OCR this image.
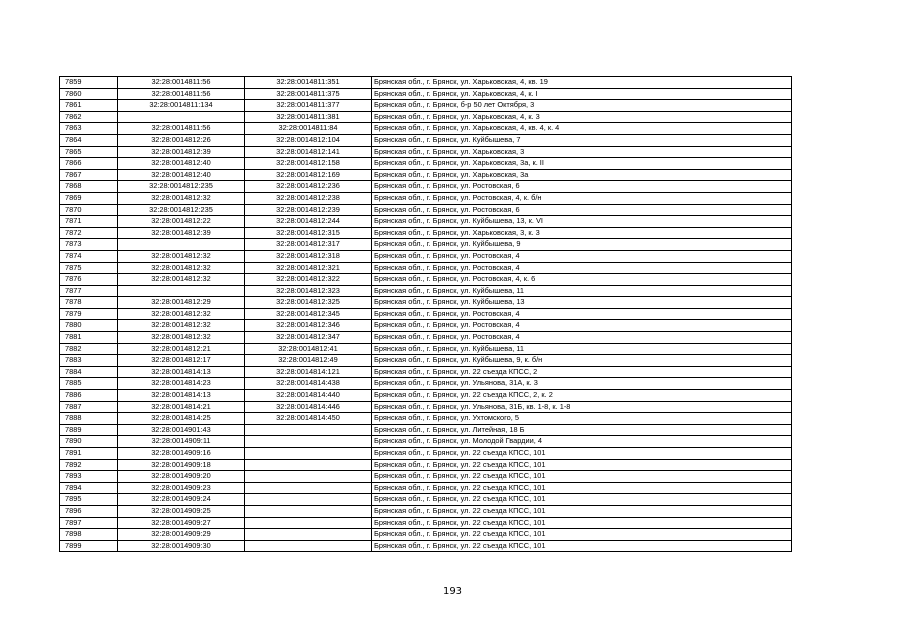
7859	32:28:0014811:56	32:28:0014811:351	Брянская обл., г. Брянск, ул. Харьковская, 4, кв. 19
7860	32:28:0014811:56	32:28:0014811:375	Брянская обл., г. Брянск, ул. Харьковская, 4, к. I
7861	32:28:0014811:134	32:28:0014811:377	Брянская обл., г. Брянск, б-р 50 лет Октября, 3
7862		32:28:0014811:381	Брянская обл., г. Брянск, ул. Харьковская, 4, к. 3
7863	32:28:0014811:56	32:28:0014811:84	Брянская обл., г. Брянск, ул. Харьковская, 4, кв. 4, к. 4
7864	32:28:0014812:26	32:28:0014812:104	Брянская обл., г. Брянск, ул. Куйбышева, 7
7865	32:28:0014812:39	32:28:0014812:141	Брянская обл., г. Брянск, ул. Харьковская, 3
7866	32:28:0014812:40	32:28:0014812:158	Брянская обл., г. Брянск, ул. Харьковская, 3а, к. II
7867	32:28:0014812:40	32:28:0014812:169	Брянская обл., г. Брянск, ул. Харьковская, 3а
7868	32:28:0014812:235	32:28:0014812:236	Брянская обл., г. Брянск, ул. Ростовская, 6
7869	32:28:0014812:32	32:28:0014812:238	Брянская обл., г. Брянск, ул. Ростовская, 4, к. б/н
7870	32:28:0014812:235	32:28:0014812:239	Брянская обл., г. Брянск, ул. Ростовская, 6
7871	32:28:0014812:22	32:28:0014812:244	Брянская обл., г. Брянск, ул. Куйбышева, 13, к. VI
7872	32:28:0014812:39	32:28:0014812:315	Брянская обл., г. Брянск, ул. Харьковская, 3, к. 3
7873		32:28:0014812:317	Брянская обл., г. Брянск, ул. Куйбышева, 9
7874	32:28:0014812:32	32:28:0014812:318	Брянская обл., г. Брянск, ул. Ростовская, 4
7875	32:28:0014812:32	32:28:0014812:321	Брянская обл., г. Брянск, ул. Ростовская, 4
7876	32:28:0014812:32	32:28:0014812:322	Брянская обл., г. Брянск, ул. Ростовская, 4, к. 6
7877		32:28:0014812:323	Брянская обл., г. Брянск, ул. Куйбышева, 11
7878	32:28:0014812:29	32:28:0014812:325	Брянская обл., г. Брянск, ул. Куйбышева, 13
7879	32:28:0014812:32	32:28:0014812:345	Брянская обл., г. Брянск, ул. Ростовская, 4
7880	32:28:0014812:32	32:28:0014812:346	Брянская обл., г. Брянск, ул. Ростовская, 4
7881	32:28:0014812:32	32:28:0014812:347	Брянская обл., г. Брянск, ул. Ростовская, 4
7882	32:28:0014812:21	32:28:0014812:41	Брянская обл., г. Брянск, ул. Куйбышева, 11
7883	32:28:0014812:17	32:28:0014812:49	Брянская обл., г. Брянск, ул. Куйбышева, 9, к. б/н
7884	32:28:0014814:13	32:28:0014814:121	Брянская обл., г. Брянск, ул. 22 съезда КПСС, 2
7885	32:28:0014814:23	32:28:0014814:438	Брянская обл., г. Брянск, ул. Ульянова, 31А, к. 3
7886	32:28:0014814:13	32:28:0014814:440	Брянская обл., г. Брянск, ул. 22 съезда КПСС, 2, к. 2
7887	32:28:0014814:21	32:28:0014814:446	Брянская обл., г. Брянск, ул. Ульянова, 31Б, кв. 1-8, к. 1-8
7888	32:28:0014814:25	32:28:0014814:450	Брянская обл., г. Брянск, ул. Ухтомского, 5
7889	32:28:0014901:43		Брянская обл., г. Брянск, ул. Литейная, 18 Б
7890	32:28:0014909:11		Брянская обл., г. Брянск, ул. Молодой Гвардии, 4
7891	32:28:0014909:16		Брянская обл., г. Брянск, ул. 22 съезда КПСС, 101
7892	32:28:0014909:18		Брянская обл., г. Брянск, ул. 22 съезда КПСС, 101
7893	32:28:0014909:20		Брянская обл., г. Брянск, ул. 22 съезда КПСС, 101
7894	32:28:0014909:23		Брянская обл., г. Брянск, ул. 22 съезда КПСС, 101
7895	32:28:0014909:24		Брянская обл., г. Брянск, ул. 22 съезда КПСС, 101
7896	32:28:0014909:25		Брянская обл., г. Брянск, ул. 22 съезда КПСС, 101
7897	32:28:0014909:27		Брянская обл., г. Брянск, ул. 22 съезда КПСС, 101
7898	32:28:0014909:29		Брянская обл., г. Брянск, ул. 22 съезда КПСС, 101
7899	32:28:0014909:30		Брянская обл., г. Брянск, ул. 22 съезда КПСС, 101
193
